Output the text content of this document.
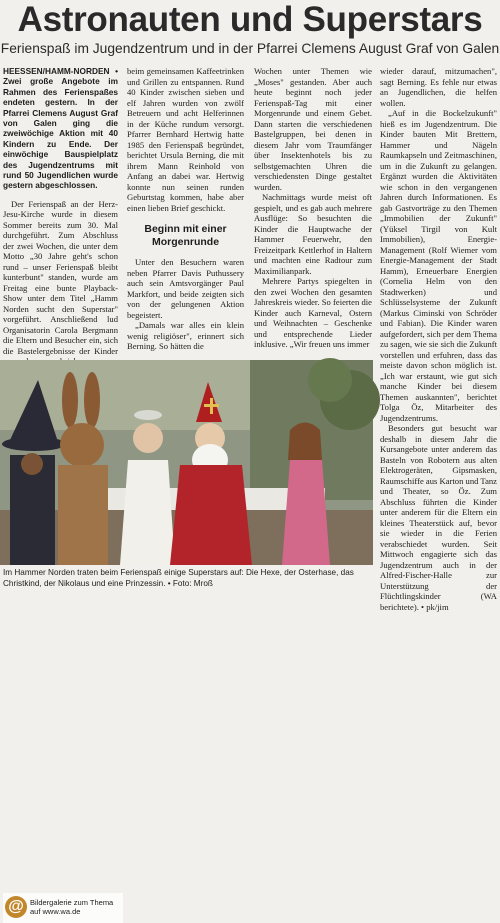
Astronauten und Superstars
Ferienspaß im Jugendzentrum und in der Pfarrei Clemens August Graf von Galen
HEESSEN/HAMM-NORDEN • Zwei große Angebote im Rahmen des Ferienspaßes endeten gestern. In der Pfarrei Clemens August Graf von Galen ging die zweiwöchige Aktion mit 40 Kindern zu Ende. Der einwöchige Bauspielplatz des Jugendzentrums mit rund 50 Jugendlichen wurde gestern abgeschlossen.

Der Ferienspaß an der Herz-Jesu-Kirche wurde in diesem Sommer bereits zum 30. Mal durchgeführt. Zum Abschluss der zwei Wochen, die unter dem Motto „30 Jahre geht's schon rund – unser Ferienspaß bleibt kunterbunt" standen, wurde am Freitag eine bunte Playback-Show unter dem Titel „Hamm Norden sucht den Superstar" vorgeführt. Anschließend lud Organisatorin Carola Bergmann die Eltern und Besucher ein, sich die Bastelergebnisse der Kinder

beim gemeinsamen Kaffeetrinken und Grillen zu entspannen. Rund 40 Kinder zwischen sieben und elf Jahren wurden von zwölf Betreuern und acht Helferinnen in der Küche rundum versorgt. Pfarrer Bernhard Hertwig hatte 1985 den Ferienspaß begründet, berichtet Ursula Berning, die mit ihrem Mann Reinhold von Anfang an dabei war. Hertwig konnte nun seinen runden Geburtstag kommen, habe aber einen lieben Brief geschickt.

Beginn mit einer Morgenrunde

Unter den Besuchern waren neben Pfarrer Davis Puthussery auch sein Amtsvorgänger Paul Markfort, und beide zeigten sich von der gelungenen Aktion begeistert.

„Damals war alles ein klein wenig religiöser", erinnert sich Berning. So hätten die

Wochen unter Themen wie „Moses" gestanden. Aber auch heute beginnt noch jeder Ferienspaß-Tag mit einer Morgenrunde und einem Gebet. Dann starten die verschiedenen Bastelgruppen, bei denen in diesem Jahr vom Traumfänger über Insektenhotels bis zu selbstgemachten Uhren die verschiedensten Dinge gestaltet wurden.

Nachmittags wurde meist oft gespielt, und es gab auch mehrere Ausflüge: So besuchten die Kinder die Hauptwache der Hammer Feuerwehr, den Freizeitpark Kettlerhof in Haltern und machten eine Radtour zum Maximilianpark.

Mehrere Partys spiegelten in den zwei Wochen den gesamten Jahreskreis wieder. So feierten die Kinder auch Karneval, Ostern und Weihnachten – Geschenke und entsprechende Lieder inklusive. „Wir freuen uns immer

wieder darauf, mitzumachen", sagt Berning. Es fehle nur etwas an Jugendlichen, die helfen wollen.

„Auf in die Bockelzukunft" hieß es im Jugendzentrum. Die Kinder bauten Mit Brettern, Hammer und Nägeln Raumkapseln und Zeitmaschinen, um in die Zukunft zu gelangen. Ergänzt wurden die Aktivitäten wie schon in den vergangenen Jahren durch Informationen. Es gab Gastvorträge zu den Themen „Immobilien der Zukunft" (Yüksel Tirgil von Kult Immobilien), Energie-Management (Rolf Wiemer vom Energie-Management der Stadt Hamm), Erneuerbare Energien (Cornelia Helm von den Stadtwerken) und Schlüsselsysteme der Zukunft (Markus Ciminski von Schröder und Fabian). Die Kinder waren aufgefordert, sich per dem Thema zu sagen, wie sie sich die Zukunft vorstellen und erfuhren, dass das meiste davon schon möglich ist. „Ich war erstaunt, wie gut sich manche Kinder bei diesem Themen auskannten", berichtet Tolga Öz, Mitarbeiter des Jugendzentrums.

Besonders gut besucht war deshalb in diesem Jahr die Kursangebote unter anderem das Basteln von Robotern aus alten Elektrogeräten, Gipsmasken, Raumschiffe aus Karton und Tanz und Theater, so Öz. Zum Abschluss führten die Kinder unter anderem für die Eltern ein kleines Theaterstück auf, bevor sie wieder in die Ferien verabschiedet wurden. Seit Mittwoch engagierte sich das Jugendzentrum auch in der Alfred-Fischer-Halle zur Unterstützung der Flüchtlingskinder (WA berichtete). • pk/jim

@ Bildergalerie zum Thema auf www.wa.de
Im Hammer Norden traten beim Ferienspaß einige Superstars auf: Die Hexe, der Osterhase, das Christkind, der Nikolaus und eine Prinzessin. • Foto: Mroß
